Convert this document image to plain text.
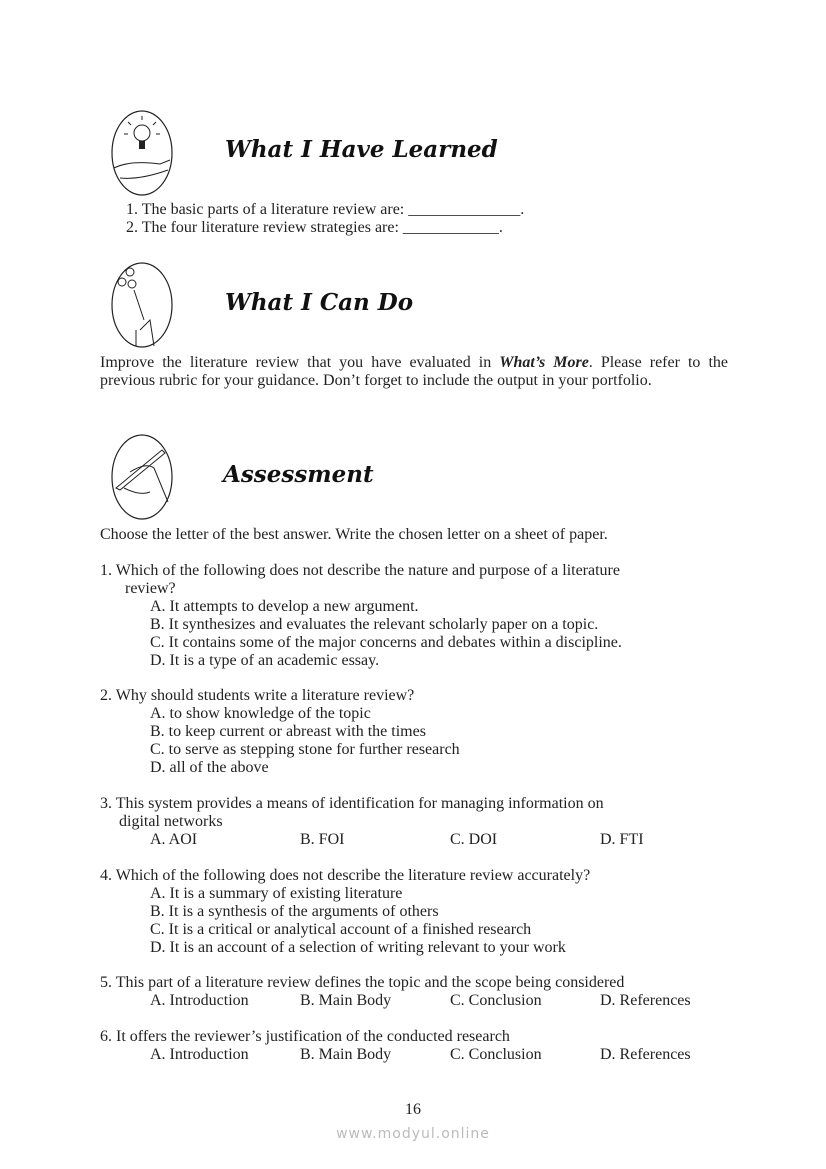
What I Have Learned
1. The basic parts of a literature review are: ______________.
2. The four literature review strategies are: ____________.
What I Can Do
Improve the literature review that you have evaluated in What’s More. Please refer to the previous rubric for your guidance. Don’t forget to include the output in your portfolio.
Assessment
Choose the letter of the best answer. Write the chosen letter on a sheet of paper.
1. Which of the following does not describe the nature and purpose of a literature
review?
A. It attempts to develop a new argument.
B. It synthesizes and evaluates the relevant scholarly paper on a topic.
C. It contains some of the major concerns and debates within a discipline.
D. It is a type of an academic essay.
2. Why should students write a literature review?
A. to show knowledge of the topic
B. to keep current or abreast with the times
C. to serve as stepping stone for further research
D. all of the above
3. This system provides a means of identification for managing information on
digital networks
A. AOI	B. FOI	C. DOI	D. FTI
4. Which of the following does not describe the literature review accurately?
A. It is a summary of existing literature
B. It is a synthesis of the arguments of others
C. It is a critical or analytical account of a finished research
D. It is an account of a selection of writing relevant to your work
5. This part of a literature review defines the topic and the scope being considered
A. Introduction	B. Main Body	C. Conclusion	D. References
6. It offers the reviewer’s justification of the conducted research
A. Introduction	B. Main Body	C. Conclusion	D. References
16
www.modyul.online
